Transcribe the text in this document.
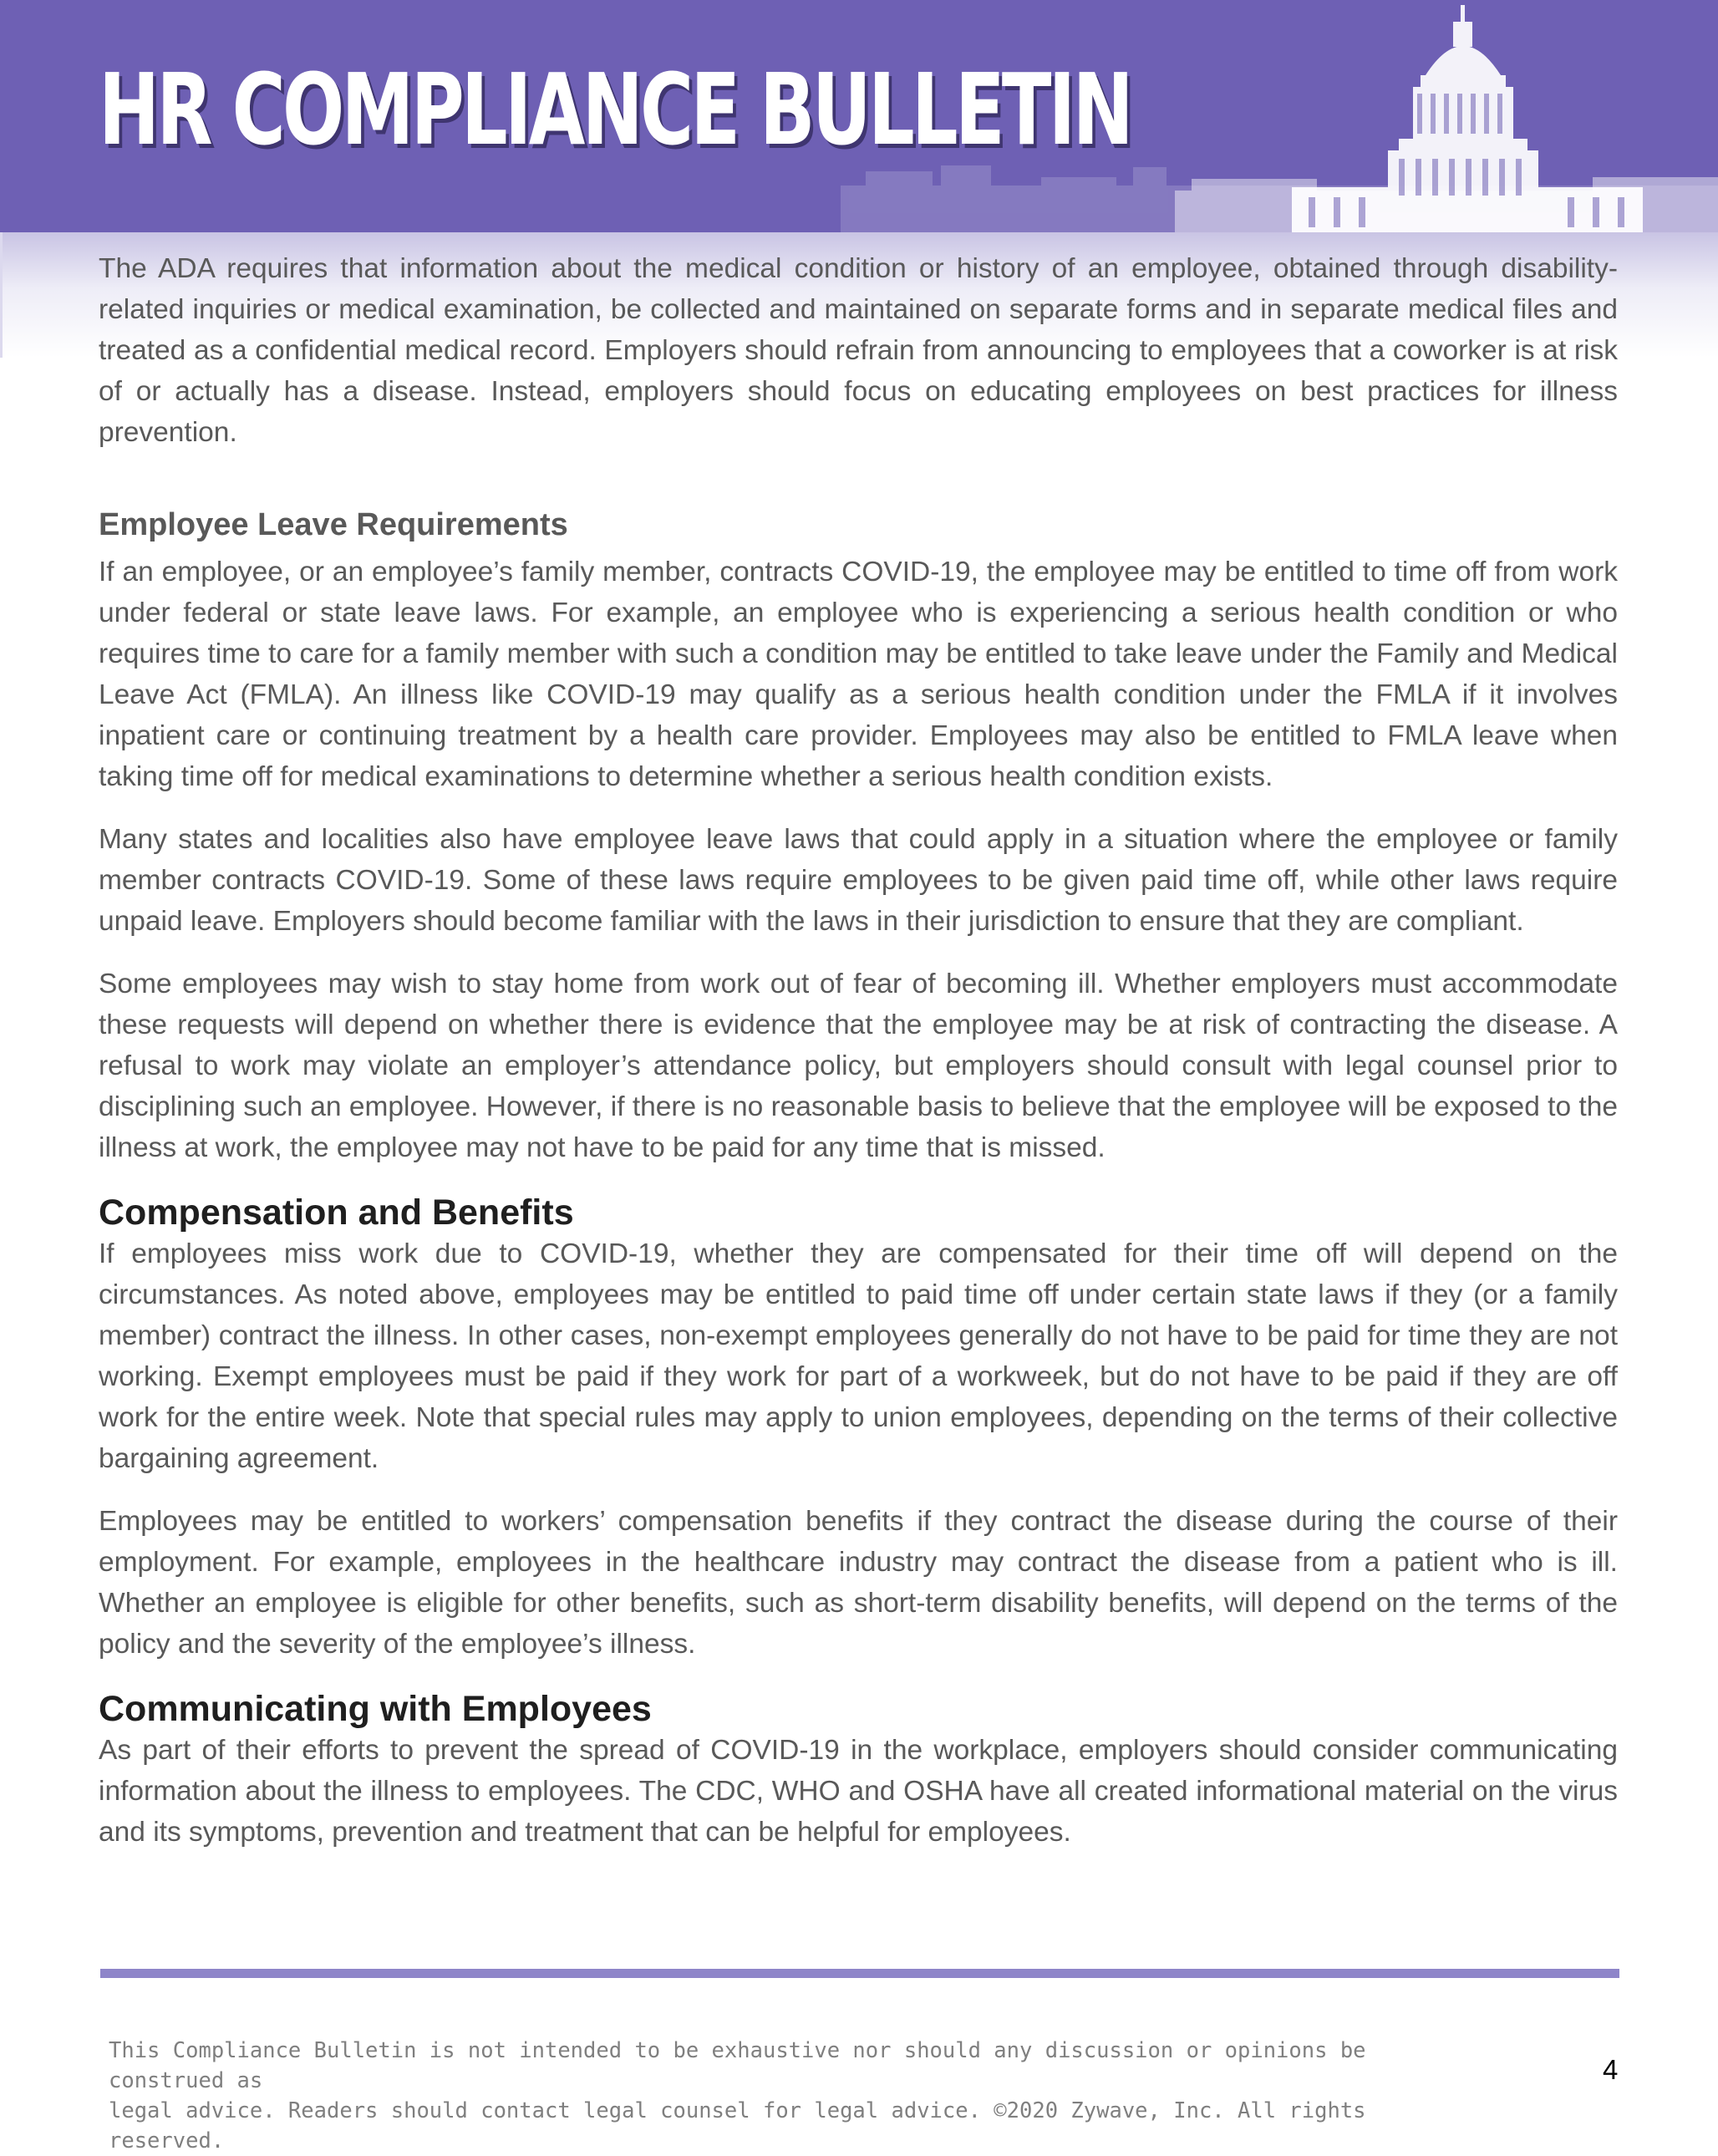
HR COMPLIANCE BULLETIN

The ADA requires that information about the medical condition or history of an employee, obtained through disability-related inquiries or medical examination, be collected and maintained on separate forms and in separate medical files and treated as a confidential medical record. Employers should refrain from announcing to employees that a coworker is at risk of or actually has a disease. Instead, employers should focus on educating employees on best practices for illness prevention.

Employee Leave Requirements

If an employee, or an employee’s family member, contracts COVID-19, the employee may be entitled to time off from work under federal or state leave laws. For example, an employee who is experiencing a serious health condition or who requires time to care for a family member with such a condition may be entitled to take leave under the Family and Medical Leave Act (FMLA). An illness like COVID-19 may qualify as a serious health condition under the FMLA if it involves inpatient care or continuing treatment by a health care provider. Employees may also be entitled to FMLA leave when taking time off for medical examinations to determine whether a serious health condition exists.

Many states and localities also have employee leave laws that could apply in a situation where the employee or family member contracts COVID-19. Some of these laws require employees to be given paid time off, while other laws require unpaid leave. Employers should become familiar with the laws in their jurisdiction to ensure that they are compliant.

Some employees may wish to stay home from work out of fear of becoming ill. Whether employers must accommodate these requests will depend on whether there is evidence that the employee may be at risk of contracting the disease. A refusal to work may violate an employer’s attendance policy, but employers should consult with legal counsel prior to disciplining such an employee. However, if there is no reasonable basis to believe that the employee will be exposed to the illness at work, the employee may not have to be paid for any time that is missed.

Compensation and Benefits

If employees miss work due to COVID-19, whether they are compensated for their time off will depend on the circumstances. As noted above, employees may be entitled to paid time off under certain state laws if they (or a family member) contract the illness. In other cases, non-exempt employees generally do not have to be paid for time they are not working. Exempt employees must be paid if they work for part of a workweek, but do not have to be paid if they are off work for the entire week. Note that special rules may apply to union employees, depending on the terms of their collective bargaining agreement.

Employees may be entitled to workers’ compensation benefits if they contract the disease during the course of their employment. For example, employees in the healthcare industry may contract the disease from a patient who is ill. Whether an employee is eligible for other benefits, such as short-term disability benefits, will depend on the terms of the policy and the severity of the employee’s illness.

Communicating with Employees

As part of their efforts to prevent the spread of COVID-19 in the workplace, employers should consider communicating information about the illness to employees. The CDC, WHO and OSHA have all created informational material on the virus and its symptoms, prevention and treatment that can be helpful for employees.

This Compliance Bulletin is not intended to be exhaustive nor should any discussion or opinions be construed as
legal advice. Readers should contact legal counsel for legal advice. ©2020 Zywave, Inc. All rights reserved.

4
